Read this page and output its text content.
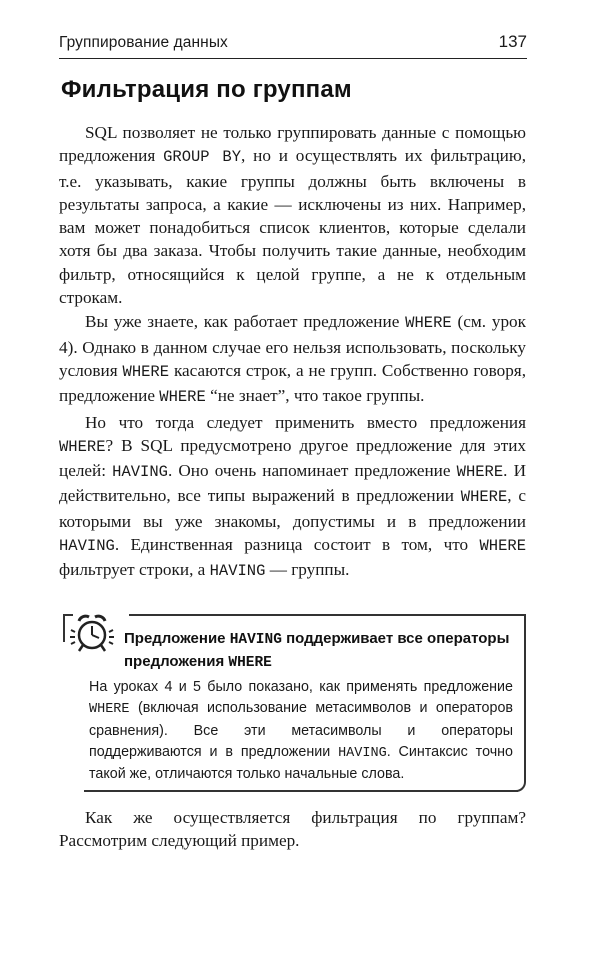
Группирование данных	137
Фильтрация по группам

SQL позволяет не только группировать данные с помощью предложения GROUP BY, но и осуществлять их фильтрацию, т.е. указывать, какие группы должны быть включены в результаты запроса, а какие — исключены из них. Например, вам может понадобиться список клиентов, которые сделали хотя бы два заказа. Чтобы получить такие данные, необходим фильтр, относящийся к целой группе, а не к отдельным строкам.

Вы уже знаете, как работает предложение WHERE (см. урок 4). Однако в данном случае его нельзя использовать, поскольку условия WHERE касаются строк, а не групп. Собственно говоря, предложение WHERE “не знает”, что такое группы.

Но что тогда следует применить вместо предложения WHERE? В SQL предусмотрено другое предложение для этих целей: HAVING. Оно очень напоминает предложение WHERE. И действительно, все типы выражений в предложении WHERE, с которыми вы уже знакомы, допустимы и в предложении HAVING. Единственная разница состоит в том, что WHERE фильтрует строки, а HAVING — группы.

Предложение HAVING поддерживает все операторы предложения WHERE
На уроках 4 и 5 было показано, как применять предложение WHERE (включая использование метасимволов и операторов сравнения). Все эти метасимволы и операторы поддерживаются и в предложении HAVING. Синтаксис точно такой же, отличаются только начальные слова.

Как же осуществляется фильтрация по группам? Рассмотрим следующий пример.
